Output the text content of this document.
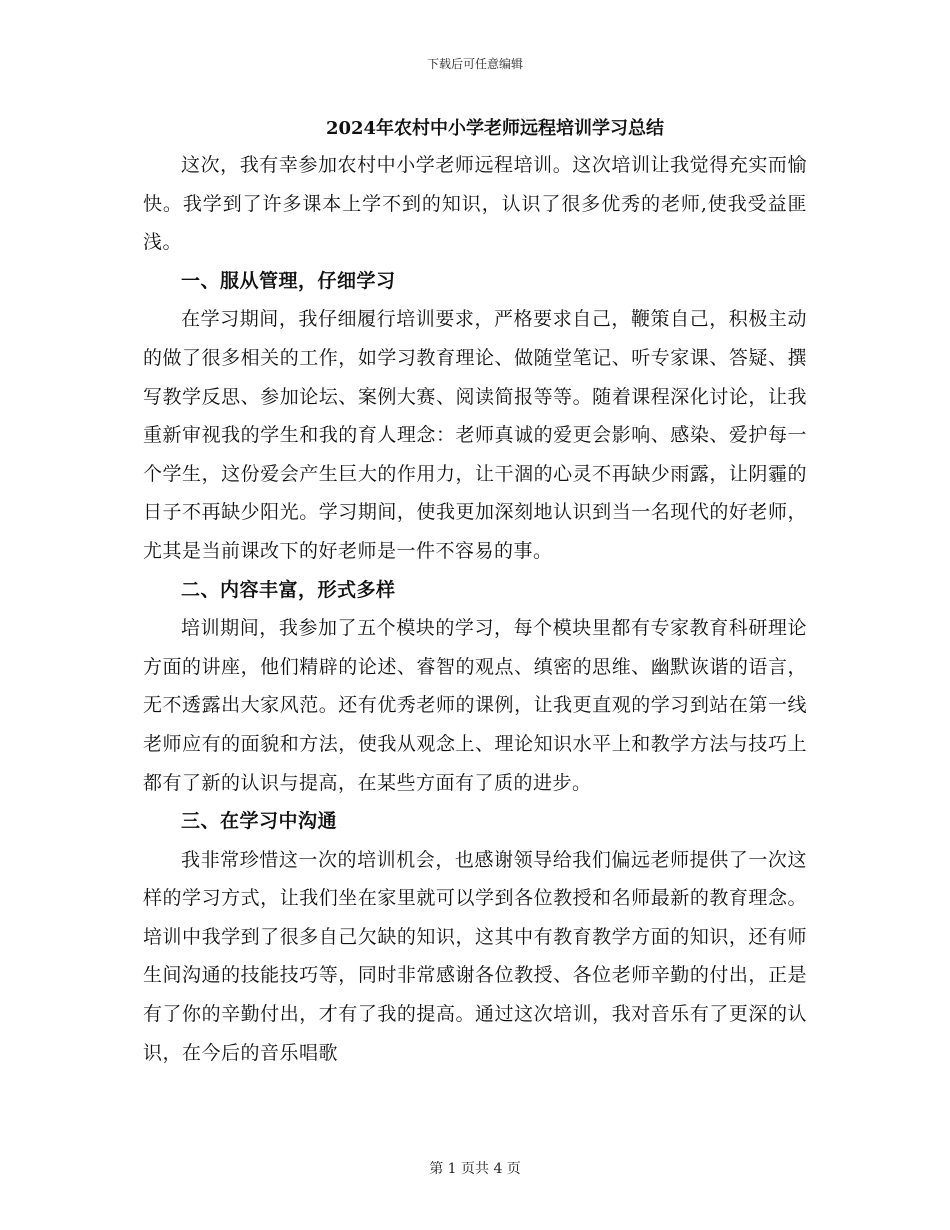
下载后可任意编辑
2024年农村中小学老师远程培训学习总结

这次，我有幸参加农村中小学老师远程培训。这次培训让我觉得充实而愉快。我学到了许多课本上学不到的知识，认识了很多优秀的老师,使我受益匪浅。

一、服从管理，仔细学习

在学习期间，我仔细履行培训要求，严格要求自己，鞭策自己，积极主动的做了很多相关的工作，如学习教育理论、做随堂笔记、听专家课、答疑、撰写教学反思、参加论坛、案例大赛、阅读简报等等。随着课程深化讨论，让我重新审视我的学生和我的育人理念：老师真诚的爱更会影响、感染、爱护每一个学生，这份爱会产生巨大的作用力，让干涸的心灵不再缺少雨露，让阴霾的日子不再缺少阳光。学习期间，使我更加深刻地认识到当一名现代的好老师，尤其是当前课改下的好老师是一件不容易的事。

二、内容丰富，形式多样

培训期间，我参加了五个模块的学习，每个模块里都有专家教育科研理论方面的讲座，他们精辟的论述、睿智的观点、缜密的思维、幽默诙谐的语言，无不透露出大家风范。还有优秀老师的课例，让我更直观的学习到站在第一线老师应有的面貌和方法，使我从观念上、理论知识水平上和教学方法与技巧上都有了新的认识与提高，在某些方面有了质的进步。

三、在学习中沟通

我非常珍惜这一次的培训机会，也感谢领导给我们偏远老师提供了一次这样的学习方式，让我们坐在家里就可以学到各位教授和名师最新的教育理念。培训中我学到了很多自己欠缺的知识，这其中有教育教学方面的知识，还有师生间沟通的技能技巧等，同时非常感谢各位教授、各位老师辛勤的付出，正是有了你的辛勤付出，才有了我的提高。通过这次培训，我对音乐有了更深的认识，在今后的音乐唱歌

第 1 页共 4 页
